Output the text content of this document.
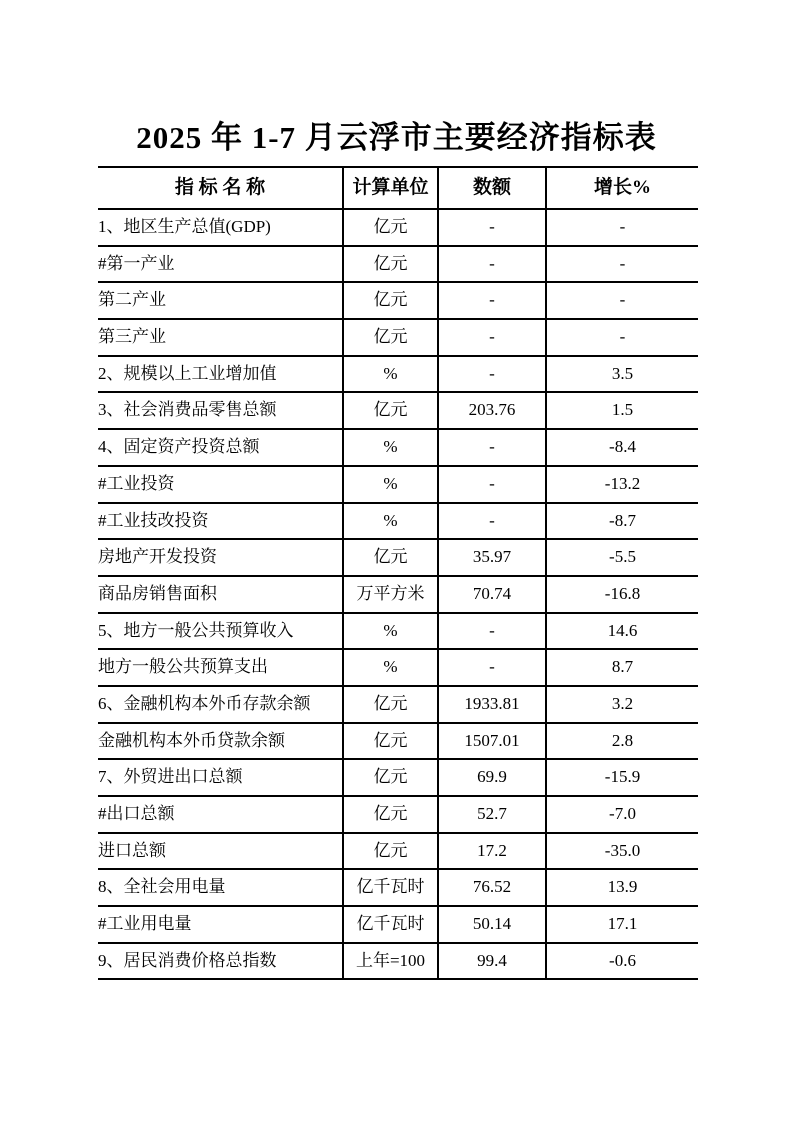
2025 年 1-7 月云浮市主要经济指标表
指 标 名 称	计算单位	数额	增长%
1、地区生产总值(GDP)	亿元	-	-
#第一产业	亿元	-	-
第二产业	亿元	-	-
第三产业	亿元	-	-
2、规模以上工业增加值	%	-	3.5
3、社会消费品零售总额	亿元	203.76	1.5
4、固定资产投资总额	%	-	-8.4
#工业投资	%	-	-13.2
#工业技改投资	%	-	-8.7
房地产开发投资	亿元	35.97	-5.5
商品房销售面积	万平方米	70.74	-16.8
5、地方一般公共预算收入	%	-	14.6
地方一般公共预算支出	%	-	8.7
6、金融机构本外币存款余额	亿元	1933.81	3.2
金融机构本外币贷款余额	亿元	1507.01	2.8
7、外贸进出口总额	亿元	69.9	-15.9
#出口总额	亿元	52.7	-7.0
进口总额	亿元	17.2	-35.0
8、全社会用电量	亿千瓦时	76.52	13.9
#工业用电量	亿千瓦时	50.14	17.1
9、居民消费价格总指数	上年=100	99.4	-0.6
